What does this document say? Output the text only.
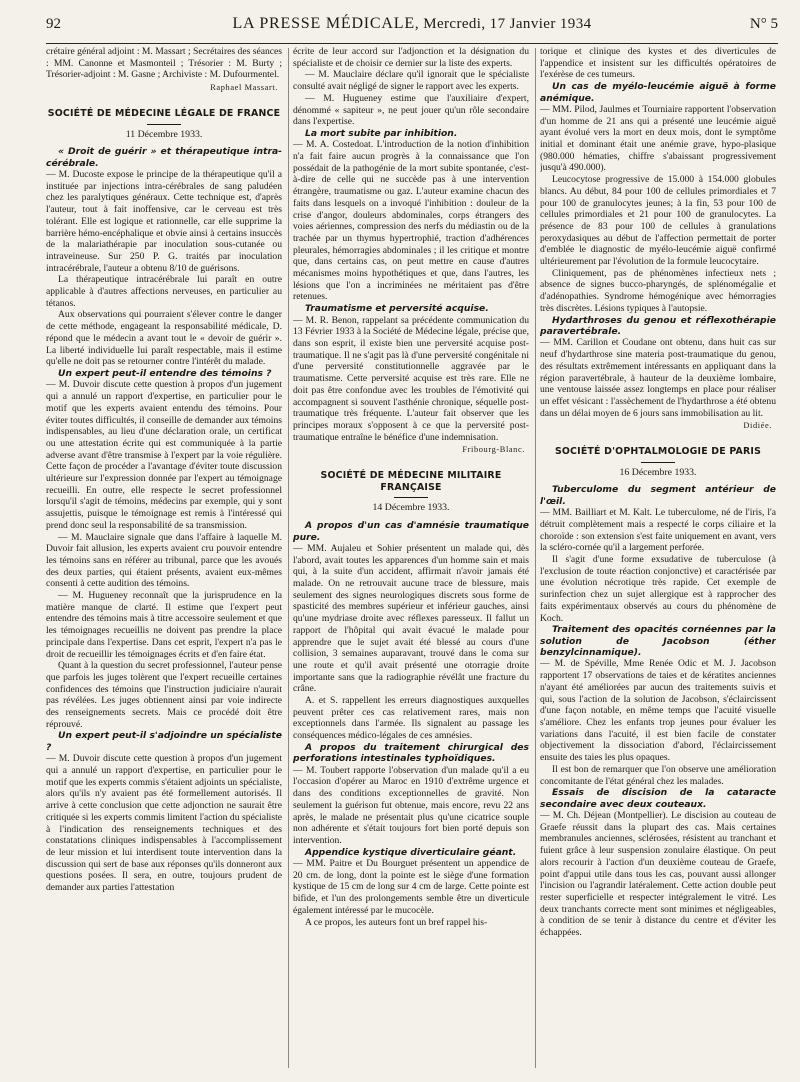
92	LA PRESSE MÉDICALE, Mercredi, 17 Janvier 1934	N° 5

crétaire général adjoint : M. Massart ; Secrétaires des séances : MM. Canonne et Masmonteil ; Trésorier : M. Burty ; Trésorier-adjoint : M. Gasne ; Archiviste : M. Dufourmentel.

Raphael Massart.
SOCIÉTÉ DE MÉDECINE LÉGALE DE FRANCE
11 Décembre 1933.

« Droit de guérir » et thérapeutique intra-cérébrale.

— M. Ducoste expose le principe de la thérapeutique qu'il a instituée par injections intra-cérébrales de sang paludéen chez les paralytiques généraux. Cette technique est, d'après l'auteur, tout à fait inoffensive, car le cerveau est très tolérant. Elle est logique et rationnelle, car elle supprime la barrière hémo-encéphalique et obvie ainsi à certains insuccès de la malariathérapie par inoculation sous-cutanée ou intraveineuse. Sur 250 P. G. traités par inoculation intracérébrale, l'auteur a obtenu 8/10 de guérisons.

La thérapeutique intracérébrale lui paraît en outre applicable à d'autres affections nerveuses, en particulier au tétanos.

Aux observations qui pourraient s'élever contre le danger de cette méthode, engageant la responsabilité médicale, D. répond que le médecin a avant tout le « devoir de guérir ». La liberté individuelle lui paraît respectable, mais il estime qu'elle ne doit pas se retourner contre l'intérêt du malade.

Un expert peut-il entendre des témoins ?

— M. Duvoir discute cette question à propos d'un jugement qui a annulé un rapport d'expertise, en particulier pour le motif que les experts avaient entendu des témoins. Pour éviter toutes difficultés, il conseille de demander aux témoins indispensables, au lieu d'une déclaration orale, un certificat ou une attestation écrite qui est communiquée à la partie adverse avant d'être transmise à l'expert par la voie régulière. Cette façon de procéder a l'avantage d'éviter toute discussion ultérieure sur l'expression donnée par l'expert au témoignage recueilli. En outre, elle respecte le secret professionnel lorsqu'il s'agit de témoins, médecins par exemple, qui y sont assujettis, puisque le témoignage est remis à l'intéressé qui prend donc seul la responsabilité de sa transmission.

— M. Mauclaire signale que dans l'affaire à laquelle M. Duvoir fait allusion, les experts avaient cru pouvoir entendre les témoins sans en référer au tribunal, parce que les avoués des deux parties, qui étaient présents, avaient eux-mêmes consenti à cette audition des témoins.

— M. Hugueney reconnaît que la jurisprudence en la matière manque de clarté. Il estime que l'expert peut entendre des témoins mais à titre accessoire seulement et que les témoignages recueillis ne doivent pas prendre la place principale dans l'expertise. Dans cet esprit, l'expert n'a pas le droit de recueillir les témoignages écrits et d'en faire état.

Quant à la question du secret professionnel, l'auteur pense que parfois les juges tolèrent que l'expert recueille certaines confidences des témoins que l'instruction judiciaire n'aurait pas révélées. Les juges obtiennent ainsi par voie indirecte des renseignements secrets. Mais ce procédé doit être réprouvé.

Un expert peut-il s'adjoindre un spécialiste ?

— M. Duvoir discute cette question à propos d'un jugement qui a annulé un rapport d'expertise, en particulier pour le motif que les experts commis s'étaient adjoints un spécialiste, alors qu'ils n'y avaient pas été formellement autorisés. Il arrive à cette conclusion que cette adjonction ne saurait être critiquée si les experts commis limitent l'action du spécialiste à l'indication des renseignements techniques et des constatations cliniques indispensables à l'accomplissement de leur mission et lui interdisent toute intervention dans la discussion qui sert de base aux réponses qu'ils donneront aux questions posées. Il sera, en outre, toujours prudent de demander aux parties l'attestation

écrite de leur accord sur l'adjonction et la désignation du spécialiste et de choisir ce dernier sur la liste des experts.

— M. Mauclaire déclare qu'il ignorait que le spécialiste consulté avait négligé de signer le rapport avec les experts.

— M. Hugueney estime que l'auxiliaire d'expert, dénommé « sapiteur », ne peut jouer qu'un rôle secondaire dans l'expertise.

La mort subite par inhibition.

— M. A. Costedoat. L'introduction de la notion d'inhibition n'a fait faire aucun progrès à la connaissance que l'on possédait de la pathogénie de la mort subite spontanée, c'est-à-dire de celle qui ne succède pas à une intervention étrangère, traumatisme ou gaz. L'auteur examine chacun des faits dans lesquels on a invoqué l'inhibition : douleur de la crise d'angor, douleurs abdominales, corps étrangers des voies aériennes, compression des nerfs du médiastin ou de la trachée par un thymus hypertrophié, traction d'adhérences pleurales, hémorragies abdominales ; il les critique et montre que, dans certains cas, on peut mettre en cause d'autres mécanismes moins hypothétiques et que, dans l'autres, les lésions que l'on a incriminées ne méritaient pas d'être retenues.

Traumatisme et perversité acquise.

— M. R. Benon, rappelant sa précédente communication du 13 Février 1933 à la Société de Médecine légale, précise que, dans son esprit, il existe bien une perversité acquise post-traumatique. Il ne s'agit pas là d'une perversité congénitale ni d'une perversité constitutionnelle aggravée par le traumatisme. Cette perversité acquise est très rare. Elle ne doit pas être confondue avec les troubles de l'émotivité qui accompagnent si souvent l'asthénie chronique, séquelle post-traumatique très fréquente. L'auteur fait observer que les principes moraux s'opposent à ce que la perversité post-traumatique entraîne le bénéfice d'une indemnisation.

Fribourg-Blanc.
SOCIÉTÉ DE MÉDECINE MILITAIRE FRANÇAISE
14 Décembre 1933.

A propos d'un cas d'amnésie traumatique pure.

— MM. Aujaleu et Sohier présentent un malade qui, dès l'abord, avait toutes les apparences d'un homme sain et mais qui, à la suite d'un accident, affirmait n'avoir jamais été malade. On ne retrouvait aucune trace de blessure, mais seulement des signes neurologiques discrets sous forme de spasticité des membres supérieur et inférieur gauches, ainsi qu'une mydriase droite avec réflexes paresseux. Il fallut un rapport de l'hôpital qui avait évacué le malade pour apprendre que le sujet avait été blessé au cours d'une collision, 3 semaines auparavant, trouvé dans le coma sur une route et qu'il avait présenté une otorragie droite importante sans que la radiographie révélât une fracture du crâne.

A. et S. rappellent les erreurs diagnostiques auxquelles peuvent prêter ces cas relativement rares, mais non exceptionnels dans l'armée. Ils signalent au passage les conséquences médico-légales de ces amnésies.

A propos du traitement chirurgical des perforations intestinales typhoïdiques.

— M. Toubert rapporte l'observation d'un malade qu'il a eu l'occasion d'opérer au Maroc en 1910 d'extrême urgence et dans des conditions exceptionnelles de gravité. Non seulement la guérison fut obtenue, mais encore, revu 22 ans après, le malade ne présentait plus qu'une cicatrice souple non adhérente et s'était toujours fort bien porté depuis son intervention.

Appendice kystique diverticulaire géant.

— MM. Paitre et Du Bourguet présentent un appendice de 20 cm. de long, dont la pointe est le siège d'une formation kystique de 15 cm de long sur 4 cm de large. Cette pointe est bifide, et l'un des prolongements semble être un diverticule également intéressé par le mucocèle.

A ce propos, les auteurs font un bref rappel his-

torique et clinique des kystes et des diverticules de l'appendice et insistent sur les difficultés opératoires de l'exérèse de ces tumeurs.

Un cas de myélo-leucémie aiguë à forme anémique.

— MM. Pilod, Jaulmes et Tourniaire rapportent l'observation d'un homme de 21 ans qui a présenté une leucémie aiguë ayant évolué vers la mort en deux mois, dont le symptôme initial et dominant était une anémie grave, hypo-plasique (980.000 hématies, chiffre s'abaissant progressivement jusqu'à 490.000).

Leucocytose progressive de 15.000 à 154.000 globules blancs. Au début, 84 pour 100 de cellules primordiales et 7 pour 100 de granulocytes jeunes; à la fin, 53 pour 100 de cellules primordiales et 21 pour 100 de granulocytes. La présence de 83 pour 100 de cellules à granulations peroxydasiques au début de l'affection permettait de porter d'emblée le diagnostic de myélo-leucémie aiguë confirmé ultérieurement par l'évolution de la formule leucocytaire.

Cliniquement, pas de phénomènes infectieux nets ; absence de signes bucco-pharyngés, de splénomégalie et d'adénopathies. Syndrome hémogénique avec hémorragies très discrètes. Lésions typiques à l'autopsie.

Hydarthroses du genou et réflexothérapie paravertébrale.

— MM. Carillon et Coudane ont obtenu, dans huit cas sur neuf d'hydarthrose sine materia post-traumatique du genou, des résultats extrêmement intéressants en appliquant dans la région paravertébrale, à hauteur de la deuxième lombaire, une ventouse laissée assez longtemps en place pour réaliser un effet vésicant : l'assèchement de l'hydarthrose a été obtenu dans un délai moyen de 6 jours sans immobilisation au lit.

Didiée.
SOCIÉTÉ D'OPHTALMOLOGIE DE PARIS
16 Décembre 1933.

Tuberculome du segment antérieur de l'œil.

— MM. Bailliart et M. Kalt. Le tuberculome, né de l'iris, l'a détruit complètement mais a respecté le corps ciliaire et la choroïde : son extension s'est faite uniquement en avant, vers la scléro-cornée qu'il a largement perforée.

Il s'agit d'une forme exsudative de tuberculose (à l'exclusion de toute réaction conjonctive) et caractérisée par une évolution nécrotique très rapide. Cet exemple de surinfection chez un sujet allergique est à rapprocher des faits expérimentaux observés au cours du phénomène de Koch.

Traitement des opacités cornéennes par la solution de Jacobson (éther benzylcinnamique).

— M. de Spéville, Mme Renée Odic et M. J. Jacobson rapportent 17 observations de taies et de kératites anciennes n'ayant été améliorées par aucun des traitements suivis et qui, sous l'action de la solution de Jacobson, s'éclaircissent d'une façon notable, en même temps que l'acuité visuelle s'améliore. Chez les enfants trop jeunes pour évaluer les variations dans l'acuité, il est bien facile de constater objectivement la dissociation d'abord, l'éclaircissement ensuite des taies les plus opaques.

Il est bon de remarquer que l'on observe une amélioration concomitante de l'état général chez les malades.

Essais de discision de la cataracte secondaire avec deux couteaux.

— M. Ch. Déjean (Montpellier). Le discision au couteau de Graefe réussit dans la plupart des cas. Mais certaines membranules anciennes, sclérosées, résistent au tranchant et fuient grâce à leur suspension zonulaire élastique. On peut alors recourir à l'action d'un deuxième couteau de Graefe, point d'appui utile dans tous les cas, pouvant aussi allonger l'incision ou l'agrandir latéralement. Cette action double peut rester superficielle et respecter intégralement le vitré. Les deux tranchants correcte ment sont minimes et négligeables, à condition de se tenir à distance du centre et d'éviter les échappées.
